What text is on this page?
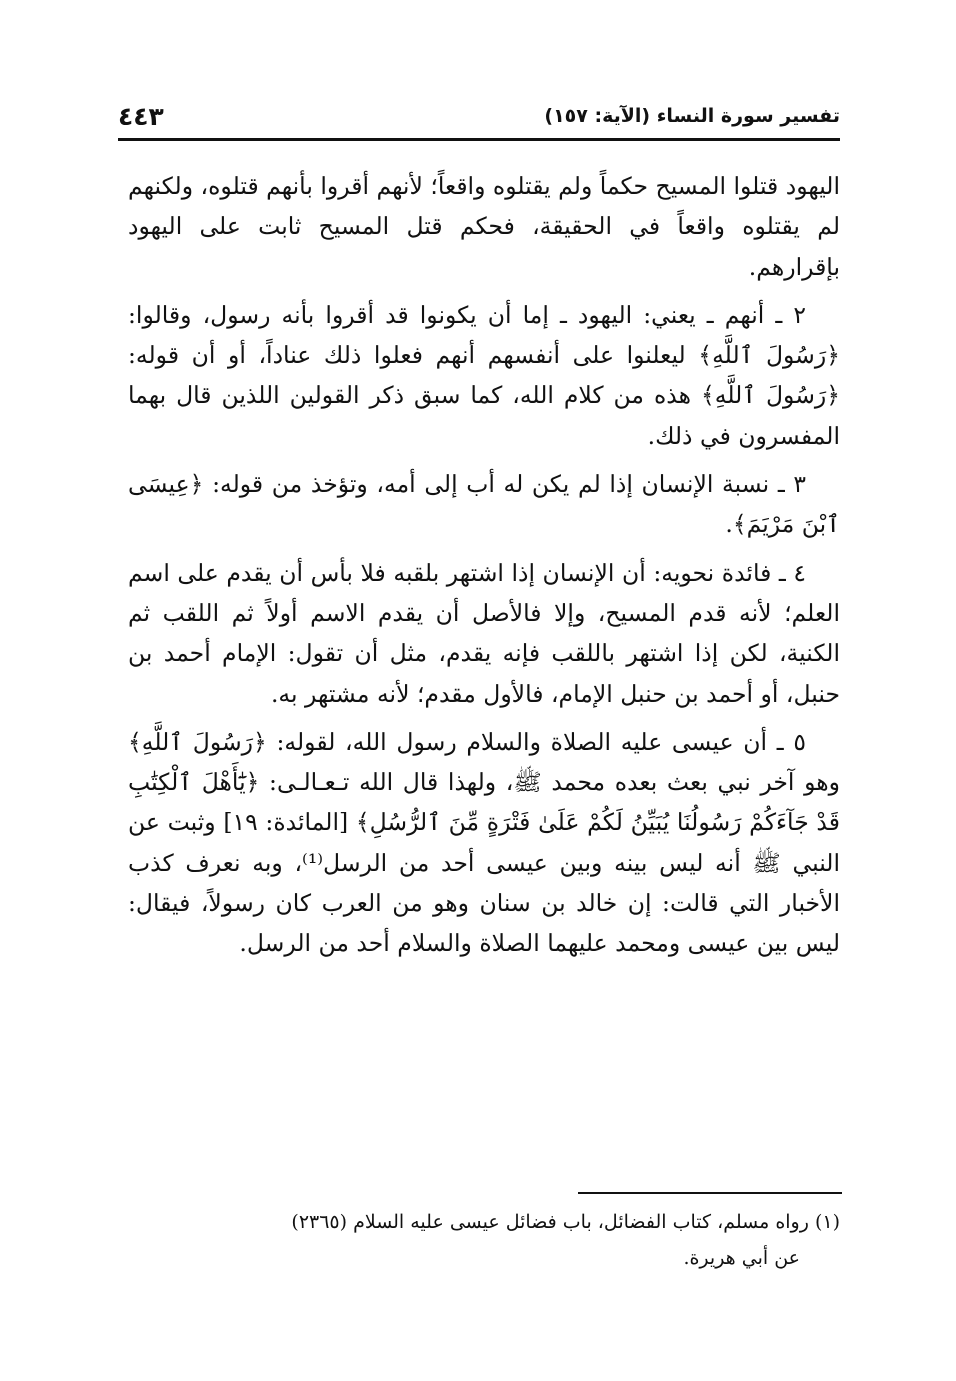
تفسير سورة النساء (الآية: ١٥٧)
٤٤٣

اليهود قتلوا المسيح حكماً ولم يقتلوه واقعاً؛ لأنهم أقروا بأنهم قتلوه، ولكنهم لم يقتلوه واقعاً في الحقيقة، فحكم قتل المسيح ثابت على اليهود بإقرارهم.

٢ ـ أنهم ـ يعني: اليهود ـ إما أن يكونوا قد أقروا بأنه رسول، وقالوا: ﴿رَسُولَ ٱللَّهِ﴾ ليعلنوا على أنفسهم أنهم فعلوا ذلك عناداً، أو أن قوله: ﴿رَسُولَ ٱللَّهِ﴾ هذه من كلام الله، كما سبق ذكر القولين اللذين قال بهما المفسرون في ذلك.

٣ ـ نسبة الإنسان إذا لم يكن له أب إلى أمه، وتؤخذ من قوله: ﴿عِيسَى ٱبْنَ مَرْيَمَ﴾.

٤ ـ فائدة نحويه: أن الإنسان إذا اشتهر بلقبه فلا بأس أن يقدم على اسم العلم؛ لأنه قدم المسيح، وإلا فالأصل أن يقدم الاسم أولاً ثم اللقب ثم الكنية، لكن إذا اشتهر باللقب فإنه يقدم، مثل أن تقول: الإمام أحمد بن حنبل، أو أحمد بن حنبل الإمام، فالأول مقدم؛ لأنه مشتهر به.

٥ ـ أن عيسى عليه الصلاة والسلام رسول الله، لقوله: ﴿رَسُولَ ٱللَّهِ﴾ وهو آخر نبي بعث بعده محمد ﷺ، ولهذا قال الله تـعـالـى: ﴿يَٰٓأَهْلَ ٱلْكِتَٰبِ قَدْ جَآءَكُمْ رَسُولُنَا يُبَيِّنُ لَكُمْ عَلَىٰ فَتْرَةٍ مِّنَ ٱلرُّسُلِ﴾ [المائدة: ١٩] وثبت عن النبي ﷺ أنه ليس بينه وبين عيسى أحد من الرسل⁽¹⁾، وبه نعرف كذب الأخبار التي قالت: إن خالد بن سنان وهو من العرب كان رسولاً، فيقال: ليس بين عيسى ومحمد عليهما الصلاة والسلام أحد من الرسل.

(١) رواه مسلم، كتاب الفضائل، باب فضائل عيسى عليه السلام (٢٣٦٥)

عن أبي هريرة.
